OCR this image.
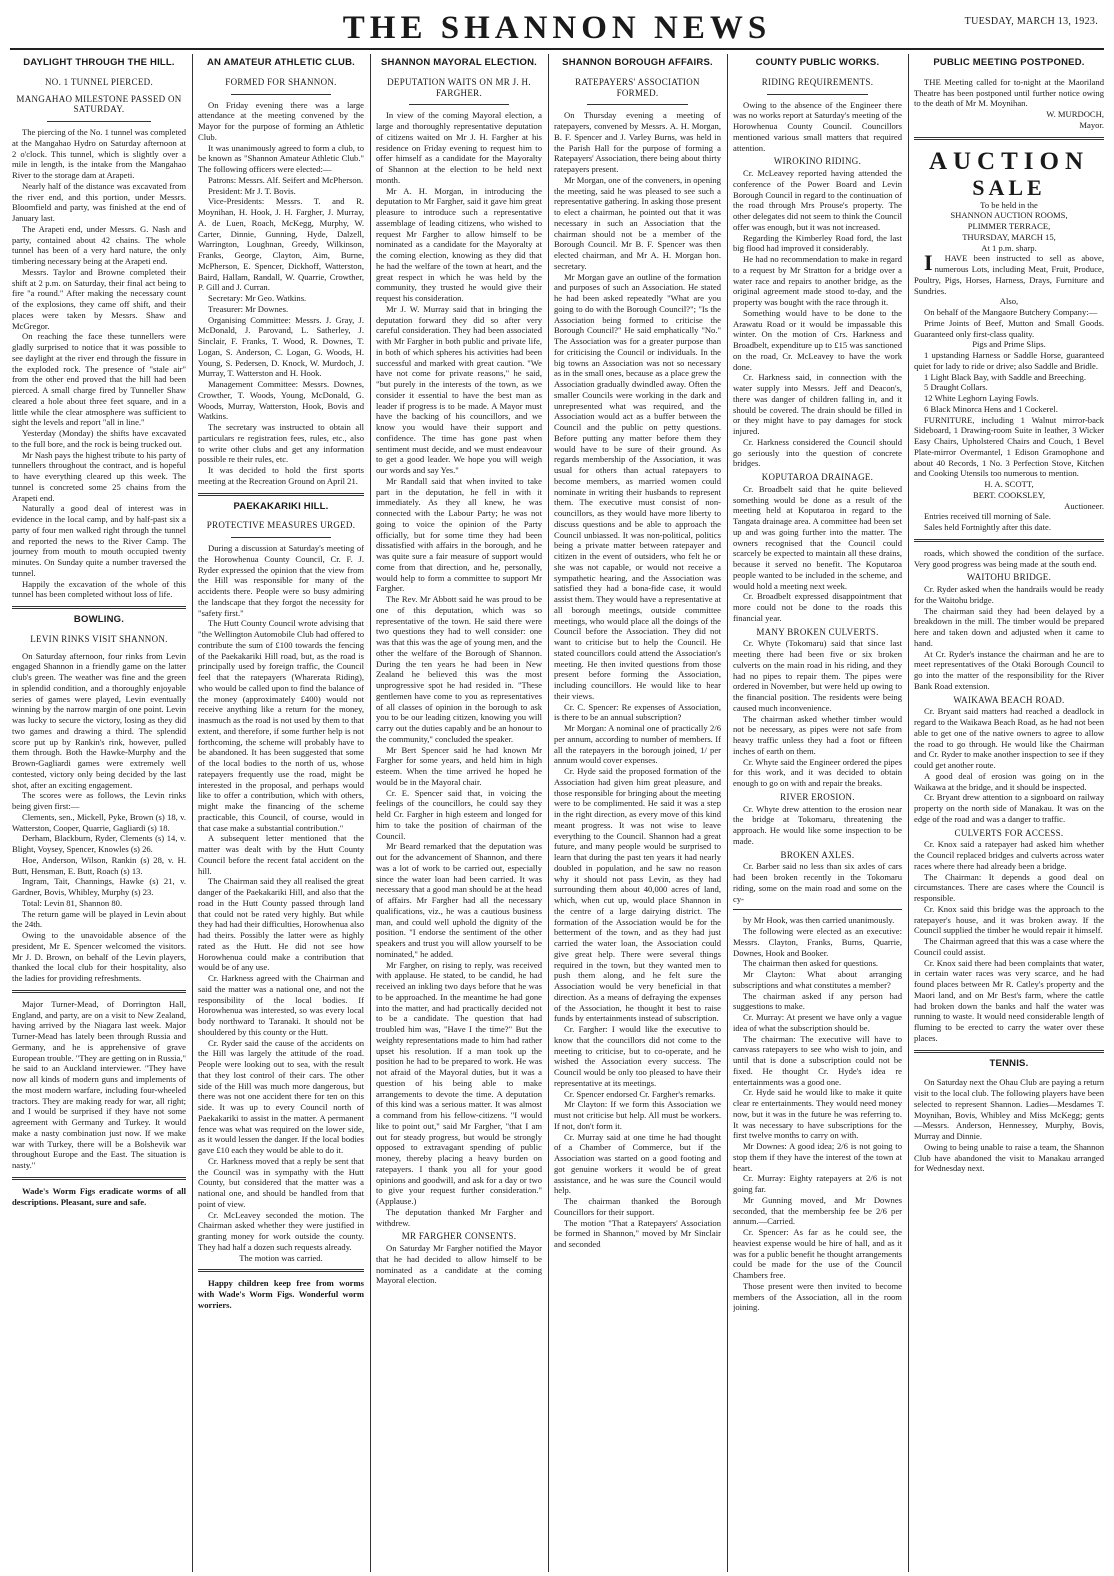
THE SHANNON NEWS	TUESDAY, MARCH 13, 1923.
DAYLIGHT THROUGH THE HILL.
NO. 1 TUNNEL PIERCED.
MANGAHAO MILESTONE PASSED ON SATURDAY.

The piercing of the No. 1 tunnel was completed at the Mangahao Hydro on Saturday afternoon at 2 o'clock. This tunnel, which is slightly over a mile in length, is the intake from the Mangahao River to the storage dam at Arapeti.

Nearly half of the distance was excavated from the river end, and this portion, under Messrs. Bloomfield and party, was finished at the end of January last.

The Arapeti end, under Messrs. G. Nash and party, contained about 42 chains. The whole tunnel has been of a very hard nature, the only timbering necessary being at the Arapeti end.

Messrs. Taylor and Browne completed their shift at 2 p.m. on Saturday, their final act being to fire "a round." After making the necessary count of the explosions, they came off shift, and their places were taken by Messrs. Shaw and McGregor.

On reaching the face these tunnellers were gladly surprised to notice that it was possible to see daylight at the river end through the fissure in the exploded rock. The presence of "stale air" from the other end proved that the hill had been pierced. A small charge fired by Tunneller Shaw cleared a hole about three feet square, and in a little while the clear atmosphere was sufficient to sight the levels and report "all in line."

Yesterday (Monday) the shifts have excavated to the full bore, and the rock is being trucked out.

Mr Nash pays the highest tribute to his party of tunnellers throughout the contract, and is hopeful to have everything cleared up this week. The tunnel is concreted some 25 chains from the Arapeti end.

Naturally a good deal of interest was in evidence in the local camp, and by half-past six a party of four men walked right through the tunnel and reported the news to the River Camp. The journey from mouth to mouth occupied twenty minutes. On Sunday quite a number traversed the tunnel.

Happily the excavation of the whole of this tunnel has been completed without loss of life.

BOWLING.
LEVIN RINKS VISIT SHANNON.

On Saturday afternoon, four rinks from Levin engaged Shannon in a friendly game on the latter club's green. The weather was fine and the green in splendid condition, and a thoroughly enjoyable series of games were played, Levin eventually winning by the narrow margin of one point. Levin was lucky to secure the victory, losing as they did two games and drawing a third. The splendid score put up by Rankin's rink, however, pulled them through. Both the Hawke-Murphy and the Brown-Gagliardi games were extremely well contested, victory only being decided by the last shot, after an exciting engagement.

The scores were as follows, the Levin rinks being given first:—

Clements, sen., Mickell, Pyke, Brown (s) 18, v. Watterston, Cooper, Quarrie, Gagliardi (s) 18.

Derham, Blackburn, Ryder, Clements (s) 14, v. Blight, Voysey, Spencer, Knowles (s) 26.

Hoe, Anderson, Wilson, Rankin (s) 28, v. H. Butt, Hensman, E. Butt, Roach (s) 13.

Ingram, Tait, Channings, Hawke (s) 21, v. Gardner, Bovis, Whibley, Murphy (s) 23.

Total: Levin 81, Shannon 80.

The return game will be played in Levin about the 24th.

Owing to the unavoidable absence of the president, Mr E. Spencer welcomed the visitors. Mr J. D. Brown, on behalf of the Levin players, thanked the local club for their hospitality, also the ladies for providing refreshments.

Major Turner-Mead, of Dorrington Hall, England, and party, are on a visit to New Zealand, having arrived by the Niagara last week. Major Turner-Mead has lately been through Russia and Germany, and he is apprehensive of grave European trouble. "They are getting on in Russia," he said to an Auckland interviewer. "They have now all kinds of modern guns and implements of the most modern warfare, including four-wheeled tractors. They are making ready for war, all right; and I would be surprised if they have not some agreement with Germany and Turkey. It would make a nasty combination just now. If we make war with Turkey, there will be a Bolshevik war throughout Europe and the East. The situation is nasty."

Wade's Worm Figs eradicate worms of all descriptions. Pleasant, sure and safe.

AN AMATEUR ATHLETIC CLUB.
FORMED FOR SHANNON.

On Friday evening there was a large attendance at the meeting convened by the Mayor for the purpose of forming an Athletic Club.

It was unanimously agreed to form a club, to be known as "Shannon Amateur Athletic Club." The following officers were elected:—

Patrons: Messrs. Alf. Seifert and McPherson.

President: Mr J. T. Bovis.

Vice-Presidents: Messrs. T. and R. Moynihan, H. Hook, J. H. Fargher, J. Murray, A. de Luen, Roach, McKegg, Murphy, W. Carter, Dinnie, Gunning, Hyde, Dalzell, Warrington, Loughnan, Greedy, Wilkinson, Franks, George, Clayton, Aim, Burne, McPherson, E. Spencer, Dickhoff, Watterston, Baird, Hallam, Randall, W. Quarrie, Crowther, P. Gill and J. Curran.

Secretary: Mr Geo. Watkins.

Treasurer: Mr Downes.

Organising Committee: Messrs. J. Gray, J. McDonald, J. Parovand, L. Satherley, J. Sinclair, F. Franks, T. Wood, R. Downes, T. Logan, S. Anderson, C. Logan, G. Woods, H. Young, S. Pedersen, D. Knock, W. Murdoch, J. Murray, T. Watterston and H. Hook.

Management Committee: Messrs. Downes, Crowther, T. Woods, Young, McDonald, G. Woods, Murray, Watterston, Hook, Bovis and Watkins.

The secretary was instructed to obtain all particulars re registration fees, rules, etc., also to write other clubs and get any information possible re their rules, etc.

It was decided to hold the first sports meeting at the Recreation Ground on April 21.

PAEKAKARIKI HILL.
PROTECTIVE MEASURES URGED.

During a discussion at Saturday's meeting of the Horowhenua County Council, Cr. F. J. Ryder expressed the opinion that the view from the Hill was responsible for many of the accidents there. People were so busy admiring the landscape that they forgot the necessity for "safety first."

The Hutt County Council wrote advising that "the Wellington Automobile Club had offered to contribute the sum of £100 towards the fencing of the Paekakariki Hill road, but, as the road is principally used by foreign traffic, the Council feel that the ratepayers (Wharerata Riding), who would be called upon to find the balance of the money (approximately £400) would not receive anything like a return for the money, inasmuch as the road is not used by them to that extent, and therefore, if some further help is not forthcoming, the scheme will probably have to be abandoned. It has been suggested that some of the local bodies to the north of us, whose ratepayers frequently use the road, might be interested in the proposal, and perhaps would like to offer a contribution, which with others, might make the financing of the scheme practicable, this Council, of course, would in that case make a substantial contribution."

A subsequent letter mentioned that the matter was dealt with by the Hutt County Council before the recent fatal accident on the hill.

The Chairman said they all realised the great danger of the Paekakariki Hill, and also that the road in the Hutt County passed through land that could not be rated very highly. But while they had had their difficulties, Horowhenua also had theirs. Possibly the latter were as highly rated as the Hutt. He did not see how Horowhenua could make a contribution that would be of any use.

Cr. Harkness agreed with the Chairman and said the matter was a national one, and not the responsibility of the local bodies. If Horowhenua was interested, so was every local body northward to Taranaki. It should not be shouldered by this county or the Hutt.

Cr. Ryder said the cause of the accidents on the Hill was largely the attitude of the road. People were looking out to sea, with the result that they lost control of their cars. The other side of the Hill was much more dangerous, but there was not one accident there for ten on this side. It was up to every Council north of Paekakariki to assist in the matter. A permanent fence was what was required on the lower side, as it would lessen the danger. If the local bodies gave £10 each they would be able to do it.

Cr. Harkness moved that a reply be sent that the Council was in sympathy with the Hutt County, but considered that the matter was a national one, and should be handled from that point of view.

Cr. McLeavey seconded the motion. The Chairman asked whether they were justified in granting money for work outside the county. They had half a dozen such requests already.

The motion was carried.

Happy children keep free from worms with Wade's Worm Figs. Wonderful worm worriers.

SHANNON MAYORAL ELECTION.
DEPUTATION WAITS ON MR J. H. FARGHER.

In view of the coming Mayoral election, a large and thoroughly representative deputation of citizens waited on Mr J. H. Fargher at his residence on Friday evening to request him to offer himself as a candidate for the Mayoralty of Shannon at the election to be held next month.

Mr A. H. Morgan, in introducing the deputation to Mr Fargher, said it gave him great pleasure to introduce such a representative assemblage of leading citizens, who wished to request Mr Fargher to allow himself to be nominated as a candidate for the Mayoralty at the coming election, knowing as they did that he had the welfare of the town at heart, and the great respect in which he was held by the community, they trusted he would give their request his consideration.

Mr J. W. Murray said that in bringing the deputation forward they did so after very careful consideration. They had been associated with Mr Fargher in both public and private life, in both of which spheres his activities had been successful and marked with great caution. "We have not come for private reasons," he said, "but purely in the interests of the town, as we consider it essential to have the best man as leader if progress is to be made. A Mayor must have the backing of his councillors, and we know you would have their support and confidence. The time has gone past when sentiment must decide, and we must endeavour to get a good leader. We hope you will weigh our words and say Yes."

Mr Randall said that when invited to take part in the deputation, he fell in with it immediately. As they all knew, he was connected with the Labour Party; he was not going to voice the opinion of the Party officially, but for some time they had been dissatisfied with affairs in the borough, and he was quite sure a fair measure of support would come from that direction, and he, personally, would help to form a committee to support Mr Fargher.

The Rev. Mr Abbott said he was proud to be one of this deputation, which was so representative of the town. He said there were two questions they had to well consider: one was that this was the age of young men, and the other the welfare of the Borough of Shannon. During the ten years he had been in New Zealand he believed this was the most unprogressive spot he had resided in. "These gentlemen have come to you as representatives of all classes of opinion in the borough to ask you to be our leading citizen, knowing you will carry out the duties capably and be an honour to the community," concluded the speaker.

Mr Bert Spencer said he had known Mr Fargher for some years, and held him in high esteem. When the time arrived he hoped he would be in the Mayoral chair.

Cr. E. Spencer said that, in voicing the feelings of the councillors, he could say they held Cr. Fargher in high esteem and longed for him to take the position of chairman of the Council.

Mr Beard remarked that the deputation was out for the advancement of Shannon, and there was a lot of work to be carried out, especially since the water loan had been carried. It was necessary that a good man should be at the head of affairs. Mr Fargher had all the necessary qualifications, viz., he was a cautious business man, and could well uphold the dignity of the position. "I endorse the sentiment of the other speakers and trust you will allow yourself to be nominated," he added.

Mr Fargher, on rising to reply, was received with applause. He stated, to be candid, he had received an inkling two days before that he was to be approached. In the meantime he had gone into the matter, and had practically decided not to be a candidate. The question that had troubled him was, "Have I the time?" But the weighty representations made to him had rather upset his resolution. If a man took up the position he had to be prepared to work. He was not afraid of the Mayoral duties, but it was a question of his being able to make arrangements to devote the time. A deputation of this kind was a serious matter. It was almost a command from his fellow-citizens. "I would like to point out," said Mr Fargher, "that I am out for steady progress, but would be strongly opposed to extravagant spending of public money, thereby placing a heavy burden on ratepayers. I thank you all for your good opinions and goodwill, and ask for a day or two to give your request further consideration." (Applause.)

The deputation thanked Mr Fargher and withdrew.

MR FARGHER CONSENTS.

On Saturday Mr Fargher notified the Mayor that he had decided to allow himself to be nominated as a candidate at the coming Mayoral election.

SHANNON BOROUGH AFFAIRS.
RATEPAYERS' ASSOCIATION FORMED.

On Thursday evening a meeting of ratepayers, convened by Messrs. A. H. Morgan, B. F. Spencer and J. Varley Burns, was held in the Parish Hall for the purpose of forming a Ratepayers' Association, there being about thirty ratepayers present.

Mr Morgan, one of the conveners, in opening the meeting, said he was pleased to see such a representative gathering. In asking those present to elect a chairman, he pointed out that it was necessary in such an Association that the chairman should not be a member of the Borough Council. Mr B. F. Spencer was then elected chairman, and Mr A. H. Morgan hon. secretary.

Mr Morgan gave an outline of the formation and purposes of such an Association. He stated he had been asked repeatedly "What are you going to do with the Borough Council?"; "Is the Association being formed to criticise the Borough Council?" He said emphatically "No." The Association was for a greater purpose than for criticising the Council or individuals. In the big towns an Association was not so necessary as in the small ones, because as a place grew the Association gradually dwindled away. Often the smaller Councils were working in the dark and unrepresented what was required, and the Association would act as a buffer between the Council and the public on petty questions. Before putting any matter before them they would have to be sure of their ground. As regards membership of the Association, it was usual for others than actual ratepayers to become members, as married women could nominate in writing their husbands to represent them. The executive must consist of non-councillors, as they would have more liberty to discuss questions and be able to approach the Council unbiassed. It was non-political, politics being a private matter between ratepayer and citizen in the event of outsiders, who felt he or she was not capable, or would not receive a sympathetic hearing, and the Association was satisfied they had a bona-fide case, it would assist them. They would have a representative at all borough meetings, outside committee meetings, who would place all the doings of the Council before the Association. They did not want to criticise but to help the Council. He stated councillors could attend the Association's meeting. He then invited questions from those present before forming the Association, including councillors. He would like to hear their views.

Cr. C. Spencer: Re expenses of Association, is there to be an annual subscription?

Mr Morgan: A nominal one of practically 2/6 per annum, according to number of members. If all the ratepayers in the borough joined, 1/ per annum would cover expenses.

Cr. Hyde said the proposed formation of the Association had given him great pleasure, and those responsible for bringing about the meeting were to be complimented. He said it was a step in the right direction, as every move of this kind meant progress. It was not wise to leave everything to the Council. Shannon had a great future, and many people would be surprised to learn that during the past ten years it had nearly doubled in population, and he saw no reason why it should not pass Levin, as they had surrounding them about 40,000 acres of land, which, when cut up, would place Shannon in the centre of a large dairying district. The formation of the Association would be for the betterment of the town, and as they had just carried the water loan, the Association could give great help. There were several things required in the town, but they wanted men to push them along, and he felt sure the Association would be very beneficial in that direction. As a means of defraying the expenses of the Association, he thought it best to raise funds by entertainments instead of subscription.

Cr. Fargher: I would like the executive to know that the councillors did not come to the meeting to criticise, but to co-operate, and he wished the Association every success. The Council would be only too pleased to have their representative at its meetings.

Cr. Spencer endorsed Cr. Fargher's remarks.

Mr Clayton: If we form this Association we must not criticise but help. All must be workers. If not, don't form it.

Cr. Murray said at one time he had thought of a Chamber of Commerce, but if the Association was started on a good footing and got genuine workers it would be of great assistance, and he was sure the Council would help.

The chairman thanked the Borough Councillors for their support.

The motion "That a Ratepayers' Association be formed in Shannon," moved by Mr Sinclair and seconded

COUNTY PUBLIC WORKS.
RIDING REQUIREMENTS.

Owing to the absence of the Engineer there was no works report at Saturday's meeting of the Horowhenua County Council. Councillors mentioned various small matters that required attention.

WIROKINO RIDING.

Cr. McLeavey reported having attended the conference of the Power Board and Levin Borough Council in regard to the continuation of the road through Mrs Prouse's property. The other delegates did not seem to think the Council offer was enough, but it was not increased.

Regarding the Kimberley Road ford, the last big flood had improved it considerably.

He had no recommendation to make in regard to a request by Mr Stratton for a bridge over a water race and repairs to another bridge, as the original agreement made stood to-day, and the property was bought with the race through it.

Something would have to be done to the Arawatu Road or it would be impassable this winter. On the motion of Crs. Harkness and Broadbelt, expenditure up to £15 was sanctioned on the road, Cr. McLeavey to have the work done.

Cr. Harkness said, in connection with the water supply into Messrs. Jeff and Deacon's, there was danger of children falling in, and it should be covered. The drain should be filled in or they might have to pay damages for stock injured.

Cr. Harkness considered the Council should go seriously into the question of concrete bridges.

KOPUTAROA DRAINAGE.

Cr. Broadbelt said that he quite believed something would be done as a result of the meeting held at Koputaroa in regard to the Tangata drainage area. A committee had been set up and was going further into the matter. The owners recognised that the Council could scarcely be expected to maintain all these drains, because it served no benefit. The Koputaroa people wanted to be included in the scheme, and would hold a meeting next week.

Cr. Broadbelt expressed disappointment that more could not be done to the roads this financial year.

MANY BROKEN CULVERTS.

Cr. Whyte (Tokomaru) said that since last meeting there had been five or six broken culverts on the main road in his riding, and they had no pipes to repair them. The pipes were ordered in November, but were held up owing to the financial position. The residents were being caused much inconvenience.

The chairman asked whether timber would not be necessary, as pipes were not safe from heavy traffic unless they had a foot or fifteen inches of earth on them.

Cr. Whyte said the Engineer ordered the pipes for this work, and it was decided to obtain enough to go on with and repair the breaks.

RIVER EROSION.

Cr. Whyte drew attention to the erosion near the bridge at Tokomaru, threatening the approach. He would like some inspection to be made.

BROKEN AXLES.

Cr. Barber said no less than six axles of cars had been broken recently in the Tokomaru riding, some on the main road and some on the cy-

by Mr Hook, was then carried unanimously.

The following were elected as an executive: Messrs. Clayton, Franks, Burns, Quarrie, Downes, Hook and Booker.

The chairman then asked for questions.

Mr Clayton: What about arranging subscriptions and what constitutes a member?

The chairman asked if any person had suggestions to make.

Cr. Murray: At present we have only a vague idea of what the subscription should be.

The chairman: The executive will have to canvass ratepayers to see who wish to join, and until that is done a subscription could not be fixed. He thought Cr. Hyde's idea re entertainments was a good one.

Cr. Hyde said he would like to make it quite clear re entertainments. They would need money now, but it was in the future he was referring to. It was necessary to have subscriptions for the first twelve months to carry on with.

Mr Downes: A good idea; 2/6 is not going to stop them if they have the interest of the town at heart.

Cr. Murray: Eighty ratepayers at 2/6 is not going far.

Mr Gunning moved, and Mr Downes seconded, that the membership fee be 2/6 per annum.—Carried.

Cr. Spencer: As far as he could see, the heaviest expense would be hire of hall, and as it was for a public benefit he thought arrangements could be made for the use of the Council Chambers free.

Those present were then invited to become members of the Association, all in the room joining.

PUBLIC MEETING POSTPONED.

THE Meeting called for to-night at the Maoriland Theatre has been postponed until further notice owing to the death of Mr M. Moynihan.

W. MURDOCH,

Mayor.

AUCTION
SALE

To be held in the

SHANNON AUCTION ROOMS,

PLIMMER TERRACE,

THURSDAY, MARCH 15,

At 1 p.m. sharp.

I HAVE been instructed to sell as above, numerous Lots, including Meat, Fruit, Produce, Poultry, Pigs, Horses, Harness, Drays, Furniture and Sundries.

Also,

On behalf of the Mangaore Butchery Company:—

Prime Joints of Beef, Mutton and Small Goods. Guaranteed only first-class quality.

Pigs and Prime Slips.

1 upstanding Harness or Saddle Horse, guaranteed quiet for lady to ride or drive; also Saddle and Bridle.

1 Light Black Bay, with Saddle and Breeching.

5 Draught Collars.

12 White Leghorn Laying Fowls.

6 Black Minorca Hens and 1 Cockerel.

FURNITURE, including 1 Walnut mirror-back Sideboard, 1 Drawing-room Suite in leather, 3 Wicker Easy Chairs, Upholstered Chairs and Couch, 1 Bevel Plate-mirror Overmantel, 1 Edison Gramophone and about 40 Records, 1 No. 3 Perfection Stove, Kitchen and Cooking Utensils too numerous to mention.

H. A. SCOTT,

BERT. COOKSLEY,

Auctioneer.

Entries received till morning of Sale.

Sales held Fortnightly after this date.

roads, which showed the condition of the surface. Very good progress was being made at the south end.

WAITOHU BRIDGE.

Cr. Ryder asked when the handrails would be ready for the Waitohu bridge.

The chairman said they had been delayed by a breakdown in the mill. The timber would be prepared here and taken down and adjusted when it came to hand.

At Cr. Ryder's instance the chairman and he are to meet representatives of the Otaki Borough Council to go into the matter of the responsibility for the River Bank Road extension.

WAIKAWA BEACH ROAD.

Cr. Bryant said matters had reached a deadlock in regard to the Waikawa Beach Road, as he had not been able to get one of the native owners to agree to allow the road to go through. He would like the Chairman and Cr. Ryder to make another inspection to see if they could get another route.

A good deal of erosion was going on in the Waikawa at the bridge, and it should be inspected.

Cr. Bryant drew attention to a signboard on railway property on the north side of Manakau. It was on the edge of the road and was a danger to traffic.

CULVERTS FOR ACCESS.

Cr. Knox said a ratepayer had asked him whether the Council replaced bridges and culverts across water races where there had already been a bridge.

The Chairman: It depends a good deal on circumstances. There are cases where the Council is responsible.

Cr. Knox said this bridge was the approach to the ratepayer's house, and it was broken away. If the Council supplied the timber he would repair it himself.

The Chairman agreed that this was a case where the Council could assist.

Cr. Knox said there had been complaints that water, in certain water races was very scarce, and he had found places between Mr R. Catley's property and the Maori land, and on Mr Best's farm, where the cattle had broken down the banks and half the water was running to waste. It would need considerable length of fluming to be erected to carry the water over these places.

TENNIS.

On Saturday next the Ohau Club are paying a return visit to the local club. The following players have been selected to represent Shannon. Ladies—Mesdames T. Moynihan, Bovis, Whibley and Miss McKegg; gents—Messrs. Anderson, Hennessey, Murphy, Bovis, Murray and Dinnie.

Owing to being unable to raise a team, the Shannon Club have abandoned the visit to Manakau arranged for Wednesday next.
